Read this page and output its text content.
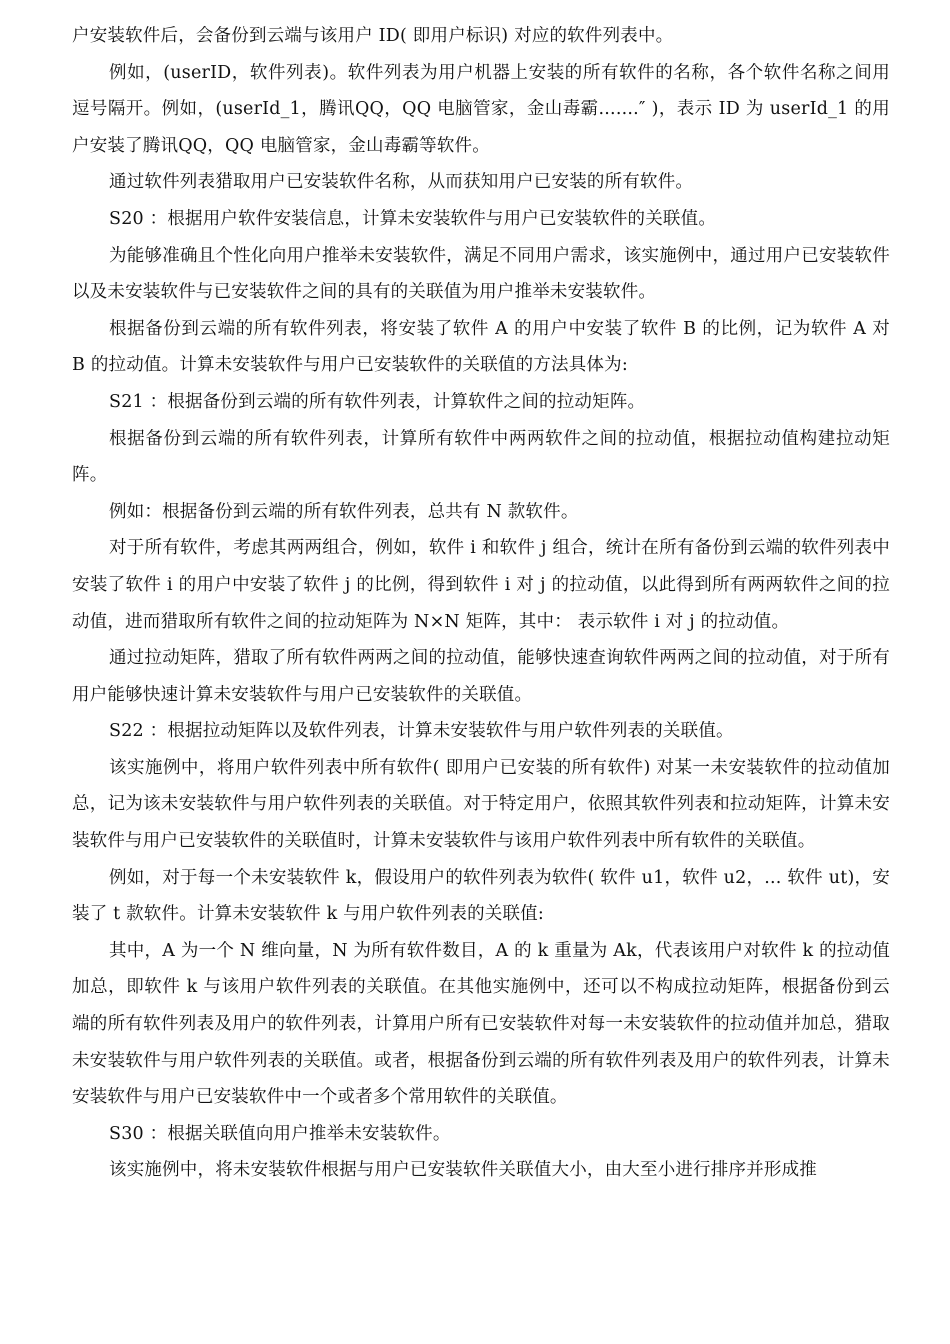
户安装软件后，会备份到云端与该用户 ID( 即用户标识) 对应的软件列表中。

例如，(userID，软件列表)。软件列表为用户机器上安装的所有软件的名称，各个软件名称之间用逗号隔开。例如，(userId_1，腾讯QQ，QQ 电脑管家，金山毒霸.......″ )，表示 ID 为 userId_1 的用户安装了腾讯QQ，QQ 电脑管家，金山毒霸等软件。

通过软件列表猎取用户已安装软件名称，从而获知用户已安装的所有软件。

S20 ：根据用户软件安装信息，计算未安装软件与用户已安装软件的关联值。

为能够准确且个性化向用户推举未安装软件，满足不同用户需求，该实施例中，通过用户已安装软件以及未安装软件与已安装软件之间的具有的关联值为用户推举未安装软件。

根据备份到云端的所有软件列表，将安装了软件 A 的用户中安装了软件 B 的比例，记为软件 A 对 B 的拉动值。计算未安装软件与用户已安装软件的关联值的方法具体为:

S21 ：根据备份到云端的所有软件列表，计算软件之间的拉动矩阵。

根据备份到云端的所有软件列表，计算所有软件中两两软件之间的拉动值，根据拉动值构建拉动矩阵。

例如：根据备份到云端的所有软件列表，总共有 N 款软件。

对于所有软件，考虑其两两组合，例如，软件 i 和软件 j 组合，统计在所有备份到云端的软件列表中安装了软件 i 的用户中安装了软件 j 的比例，得到软件 i 对 j 的拉动值，以此得到所有两两软件之间的拉动值，进而猎取所有软件之间的拉动矩阵为 N×N 矩阵，其中： 表示软件 i 对 j 的拉动值。

通过拉动矩阵，猎取了所有软件两两之间的拉动值，能够快速查询软件两两之间的拉动值，对于所有用户能够快速计算未安装软件与用户已安装软件的关联值。

S22 ：根据拉动矩阵以及软件列表，计算未安装软件与用户软件列表的关联值。

该实施例中，将用户软件列表中所有软件( 即用户已安装的所有软件) 对某一未安装软件的拉动值加总，记为该未安装软件与用户软件列表的关联值。对于特定用户，依照其软件列表和拉动矩阵，计算未安装软件与用户已安装软件的关联值时，计算未安装软件与该用户软件列表中所有软件的关联值。

例如，对于每一个未安装软件 k，假设用户的软件列表为软件( 软件 u1，软件 u2，... 软件 ut)，安装了 t 款软件。计算未安装软件 k 与用户软件列表的关联值:

其中，A 为一个 N 维向量，N 为所有软件数目，A 的 k 重量为 Ak，代表该用户对软件 k 的拉动值加总，即软件 k 与该用户软件列表的关联值。在其他实施例中，还可以不构成拉动矩阵，根据备份到云端的所有软件列表及用户的软件列表，计算用户所有已安装软件对每一未安装软件的拉动值并加总，猎取未安装软件与用户软件列表的关联值。或者，根据备份到云端的所有软件列表及用户的软件列表，计算未安装软件与用户已安装软件中一个或者多个常用软件的关联值。

S30 ：根据关联值向用户推举未安装软件。

该实施例中，将未安装软件根据与用户已安装软件关联值大小，由大至小进行排序并形成推
